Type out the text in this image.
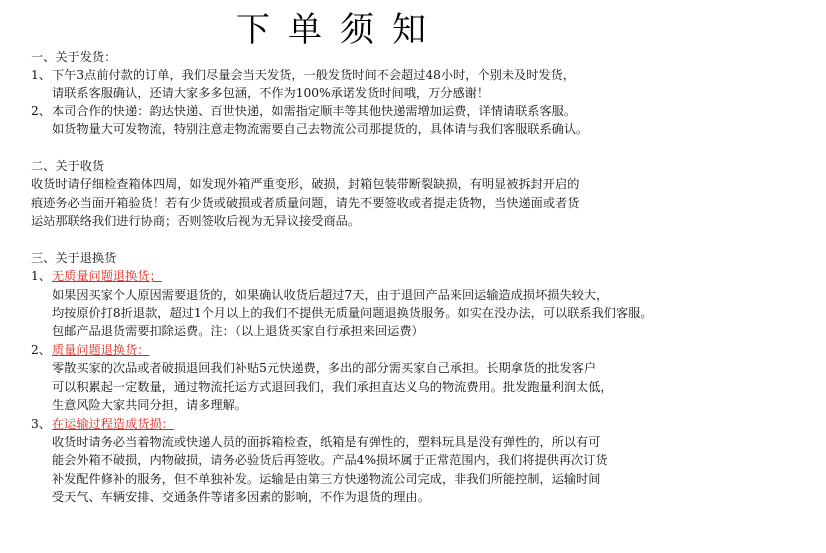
下单须知
一、关于发货：
1、 下午3点前付款的订单，我们尽量会当天发货，一般发货时间不会超过48小时，个别未及时发货，
请联系客服确认，还请大家多多包涵，不作为100%承诺发货时间哦，万分感谢！
2、 本司合作的快递：韵达快递、百世快递，如需指定顺丰等其他快递需增加运费，详情请联系客服。
如货物量大可发物流，特别注意走物流需要自己去物流公司那提货的，具体请与我们客服联系确认。
二、关于收货
收货时请仔细检查箱体四周，如发现外箱严重变形，破损，封箱包装带断裂缺损，有明显被拆封开启的
痕迹务必当面开箱验货！若有少货或破损或者质量问题，请先不要签收或者提走货物，当快递面或者货
运站那联络我们进行协商；否则签收后视为无异议接受商品。
三、关于退换货
1、 无质量问题退换货；
如果因买家个人原因需要退货的，如果确认收货后超过7天，由于退回产品来回运输造成损坏损失较大，
均按原价打8折退款，超过1个月以上的我们不提供无质量问题退换货服务。如实在没办法，可以联系我们客服。
包邮产品退货需要扣除运费。注：（以上退货买家自行承担来回运费）
2、 质量问题退换货：
零散买家的次品或者破损退回我们补贴5元快递费，多出的部分需买家自己承担。长期拿货的批发客户
可以积累起一定数量，通过物流托运方式退回我们，我们承担直达义乌的物流费用。批发跑量利润太低，
生意风险大家共同分担，请多理解。
3、 在运输过程造成货损：
收货时请务必当着物流或快递人员的面拆箱检查，纸箱是有弹性的，塑料玩具是没有弹性的，所以有可
能会外箱不破损，内物破损，请务必验货后再签收。产品4%损坏属于正常范围内，我们将提供再次订货
补发配件修补的服务，但不单独补发。运输是由第三方快递物流公司完成，非我们所能控制，运输时间
受天气、车辆安排、交通条件等诸多因素的影响，不作为退货的理由。
